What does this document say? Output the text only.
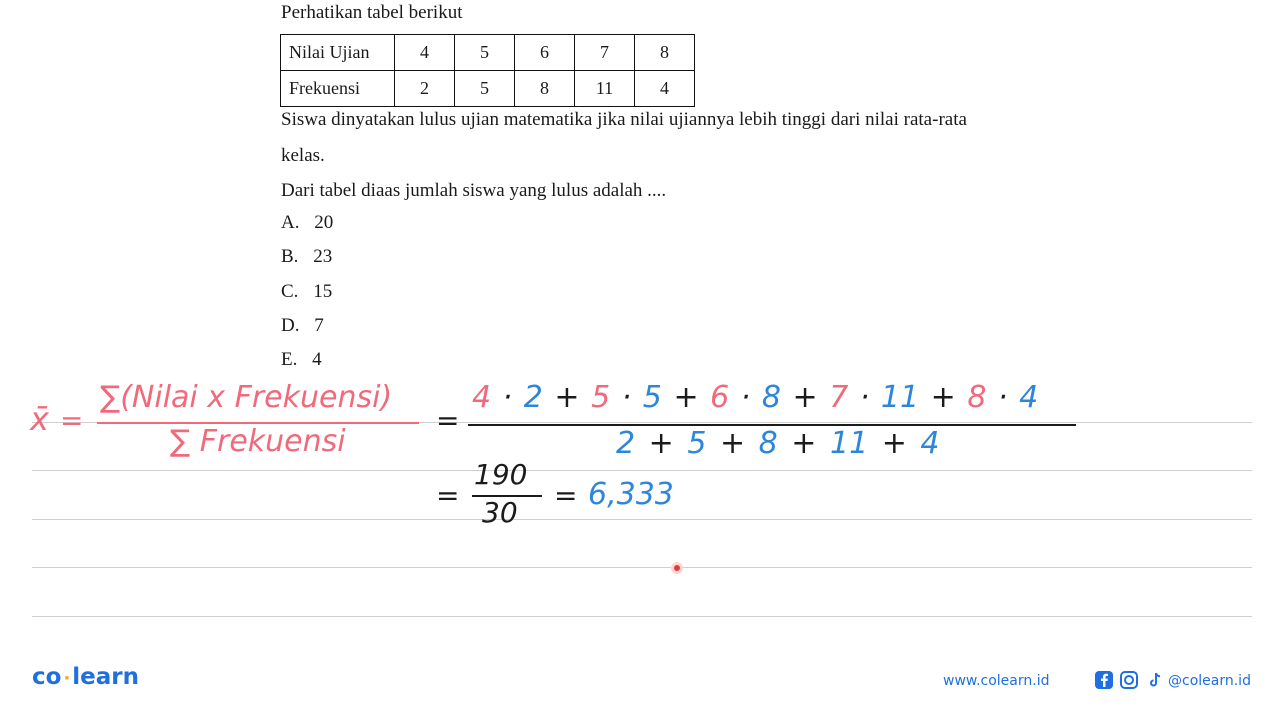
Perhatikan tabel berikut
Nilai Ujian	4	5	6	7	8
Frekuensi	2	5	8	11	4
Siswa dinyatakan lulus ujian matematika jika nilai ujiannya lebih tinggi dari nilai rata-rata
kelas.
Dari tabel diaas jumlah siswa yang lulus adalah ....
A. 20
B. 23
C. 15
D. 7
E. 4
x̄ =
∑(Nilai x Frekuensi)
∑ Frekuensi
=
4 · 2 + 5 · 5 + 6 · 8 + 7 · 11 + 8 · 4
2 + 5 + 8 + 11 + 4
=
190
30
= 6,333
co ·learn	www.colearn.id	@colearn.id
